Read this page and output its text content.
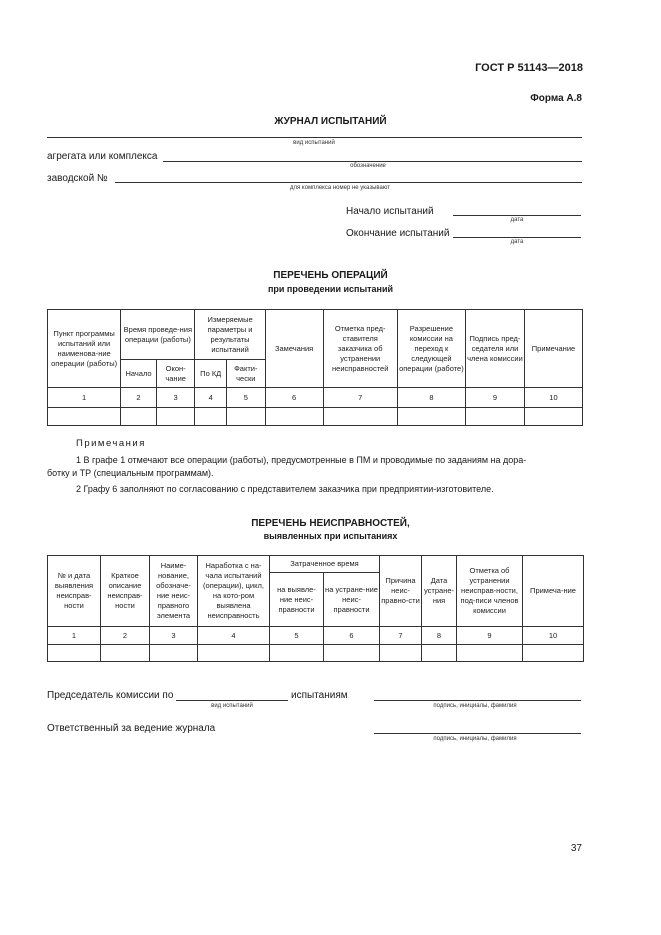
ГОСТ Р 51143—2018
Форма А.8
ЖУРНАЛ ИСПЫТАНИЙ
вид испытаний
агрегата или комплекса
обозначение
заводской №
для комплекса номер не указывают
Начало испытаний
дата
Окончание испытаний
дата
ПЕРЕЧЕНЬ ОПЕРАЦИЙ
при проведении испытаний
Пункт программы испытаний или наименова-ние операции (работы)	Время проведе-ния операции (работы)		Измеряемые параметры и результаты испытаний		Замечания	Отметка пред-ставителя заказчика об устранении неисправностей	Разрешение комиссии на переход к следующей операции (работе)	Подпись пред-седателя или члена комиссии	Примечание
	Начало	Окон-чание	По КД	Факти-чески					
1	2	3	4	5	6	7	8	9	10

Примечания
1 В графе 1 отмечают все операции (работы), предусмотренные в ПМ и проводимые по заданиям на дора-
ботку и ТР (специальным программам).
2 Графу 6 заполняют по согласованию с представителем заказчика при предприятии-изготовителе.
ПЕРЕЧЕНЬ НЕИСПРАВНОСТЕЙ,
выявленных при испытаниях
№ и дата выявления неисправ-ности	Краткое описание неисправ-ности	Наиме-нование, обозначе-ние неис-правного элемента	Наработка с на-чала испытаний (операции), цикл, на кото-ром выявлена неисправность	Затраченное время		Причина неис-правно-сти	Дата устране-ния	Отметка об устранении неисправ-ности, под-писи членов комиссии	Примеча-ние
				на выявле-ние неис-правности	на устране-ние неис-правности				
1	2	3	4	5	6	7	8	9	10

Председатель комиссии по	испытаниям
вид испытаний	подпись, инициалы, фамилия
Ответственный за ведение журнала
подпись, инициалы, фамилия
37
